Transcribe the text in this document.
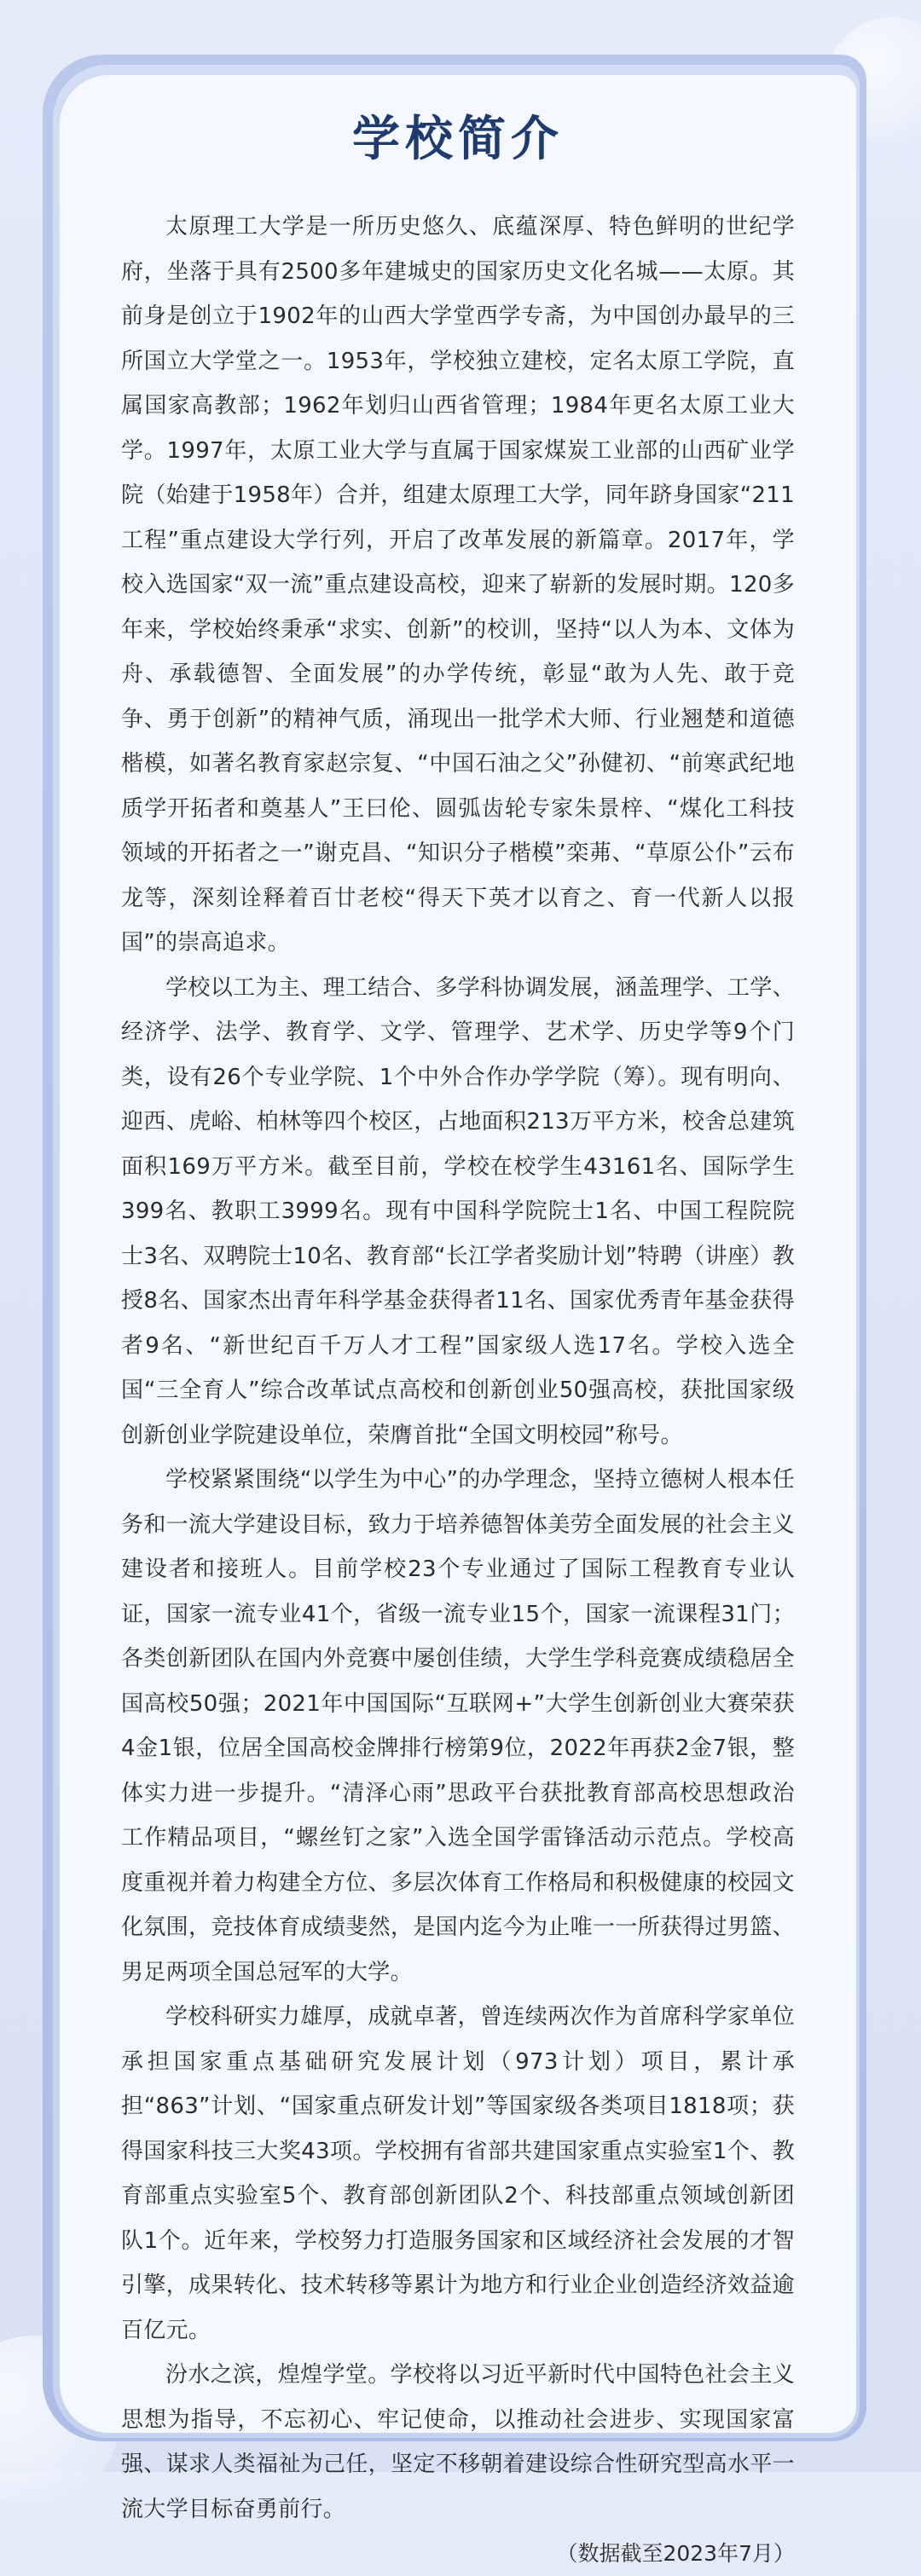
学校简介

太原理工大学是一所历史悠久、底蕴深厚、特色鲜明的世纪学府，坐落于具有2500多年建城史的国家历史文化名城——太原。其前身是创立于1902年的山西大学堂西学专斋，为中国创办最早的三所国立大学堂之一。1953年，学校独立建校，定名太原工学院，直属国家高教部；1962年划归山西省管理；1984年更名太原工业大学。1997年，太原工业大学与直属于国家煤炭工业部的山西矿业学院（始建于1958年）合并，组建太原理工大学，同年跻身国家“211工程”重点建设大学行列，开启了改革发展的新篇章。2017年，学校入选国家“双一流”重点建设高校，迎来了崭新的发展时期。120多年来，学校始终秉承“求实、创新”的校训，坚持“以人为本、文体为舟、承载德智、全面发展”的办学传统，彰显“敢为人先、敢于竞争、勇于创新”的精神气质，涌现出一批学术大师、行业翘楚和道德楷模，如著名教育家赵宗复、“中国石油之父”孙健初、“前寒武纪地质学开拓者和奠基人”王曰伦、圆弧齿轮专家朱景梓、“煤化工科技领域的开拓者之一”谢克昌、“知识分子楷模”栾茀、“草原公仆”云布龙等，深刻诠释着百廿老校“得天下英才以育之、育一代新人以报国”的崇高追求。

学校以工为主、理工结合、多学科协调发展，涵盖理学、工学、经济学、法学、教育学、文学、管理学、艺术学、历史学等9个门类，设有26个专业学院、1个中外合作办学学院（筹）。现有明向、迎西、虎峪、柏林等四个校区，占地面积213万平方米，校舍总建筑面积169万平方米。截至目前，学校在校学生43161名、国际学生399名、教职工3999名。现有中国科学院院士1名、中国工程院院士3名、双聘院士10名、教育部“长江学者奖励计划”特聘（讲座）教授8名、国家杰出青年科学基金获得者11名、国家优秀青年基金获得者9名、“新世纪百千万人才工程”国家级人选17名。学校入选全国“三全育人”综合改革试点高校和创新创业50强高校，获批国家级创新创业学院建设单位，荣膺首批“全国文明校园”称号。

学校紧紧围绕“以学生为中心”的办学理念，坚持立德树人根本任务和一流大学建设目标，致力于培养德智体美劳全面发展的社会主义建设者和接班人。目前学校23个专业通过了国际工程教育专业认证，国家一流专业41个，省级一流专业15个，国家一流课程31门；各类创新团队在国内外竞赛中屡创佳绩，大学生学科竞赛成绩稳居全国高校50强；2021年中国国际“互联网+”大学生创新创业大赛荣获4金1银，位居全国高校金牌排行榜第9位，2022年再获2金7银，整体实力进一步提升。“清泽心雨”思政平台获批教育部高校思想政治工作精品项目，“螺丝钉之家”入选全国学雷锋活动示范点。学校高度重视并着力构建全方位、多层次体育工作格局和积极健康的校园文化氛围，竞技体育成绩斐然，是国内迄今为止唯一一所获得过男篮、男足两项全国总冠军的大学。

学校科研实力雄厚，成就卓著，曾连续两次作为首席科学家单位承担国家重点基础研究发展计划（973计划）项目，累计承担“863”计划、“国家重点研发计划”等国家级各类项目1818项；获得国家科技三大奖43项。学校拥有省部共建国家重点实验室1个、教育部重点实验室5个、教育部创新团队2个、科技部重点领域创新团队1个。近年来，学校努力打造服务国家和区域经济社会发展的才智引擎，成果转化、技术转移等累计为地方和行业企业创造经济效益逾百亿元。

汾水之滨，煌煌学堂。学校将以习近平新时代中国特色社会主义思想为指导，不忘初心、牢记使命，以推动社会进步、实现国家富强、谋求人类福祉为己任，坚定不移朝着建设综合性研究型高水平一流大学目标奋勇前行。

（数据截至2023年7月）
